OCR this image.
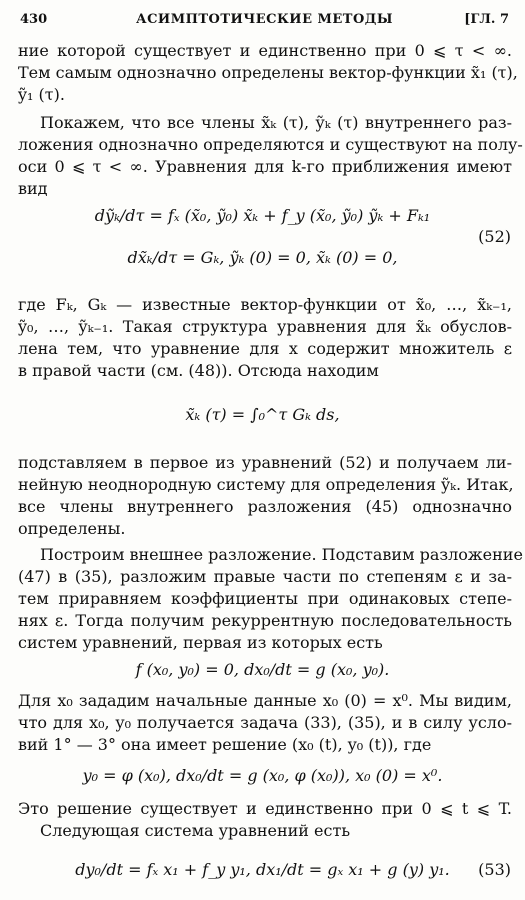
430	АСИМПТОТИЧЕСКИЕ МЕТОДЫ	[ГЛ. 7
ние которой существует и единственно при 0 ⩽ τ < ∞.
Тем самым однозначно определены вектор-функции x̃₁ (τ),
ỹ₁ (τ).
Покажем, что все члены x̃ₖ (τ), ỹₖ (τ) внутреннего раз-
ложения однозначно определяются и существуют на полу-
оси 0 ⩽ τ < ∞. Уравнения для k-го приближения имеют
вид
dỹₖ/dτ = fₓ (x̃₀, ỹ₀) x̃ₖ + f_y (x̃₀, ỹ₀) ỹₖ + Fₖ₁
dx̃ₖ/dτ = Gₖ, ỹₖ (0) = 0, x̃ₖ (0) = 0,
(52)
где Fₖ, Gₖ — известные вектор-функции от x̃₀, …, x̃ₖ₋₁,
ỹ₀, …, ỹₖ₋₁. Такая структура уравнения для x̃ₖ обуслов-
лена тем, что уравнение для x содержит множитель ε
в правой части (см. (48)). Отсюда находим
x̃ₖ (τ) = ∫₀^τ Gₖ ds,
подставляем в первое из уравнений (52) и получаем ли-
нейную неоднородную систему для определения ỹₖ. Итак,
все члены внутреннего разложения (45) однозначно
определены.
Построим внешнее разложение. Подставим разложение
(47) в (35), разложим правые части по степеням ε и за-
тем приравняем коэффициенты при одинаковых степе-
нях ε. Тогда получим рекуррентную последовательность
систем уравнений, первая из которых есть
f (x₀, y₀) = 0, dx₀/dt = g (x₀, y₀).
Для x₀ зададим начальные данные x₀ (0) = x⁰. Мы видим,
что для x₀, y₀ получается задача (33), (35), и в силу усло-
вий 1° — 3° она имеет решение (x₀ (t), y₀ (t)), где
y₀ = φ (x₀), dx₀/dt = g (x₀, φ (x₀)), x₀ (0) = x⁰.
Это решение существует и единственно при 0 ⩽ t ⩽ T.
Следующая система уравнений есть
dy₀/dt = fₓ x₁ + f_y y₁, dx₁/dt = gₓ x₁ + g (y) y₁.	(53)
